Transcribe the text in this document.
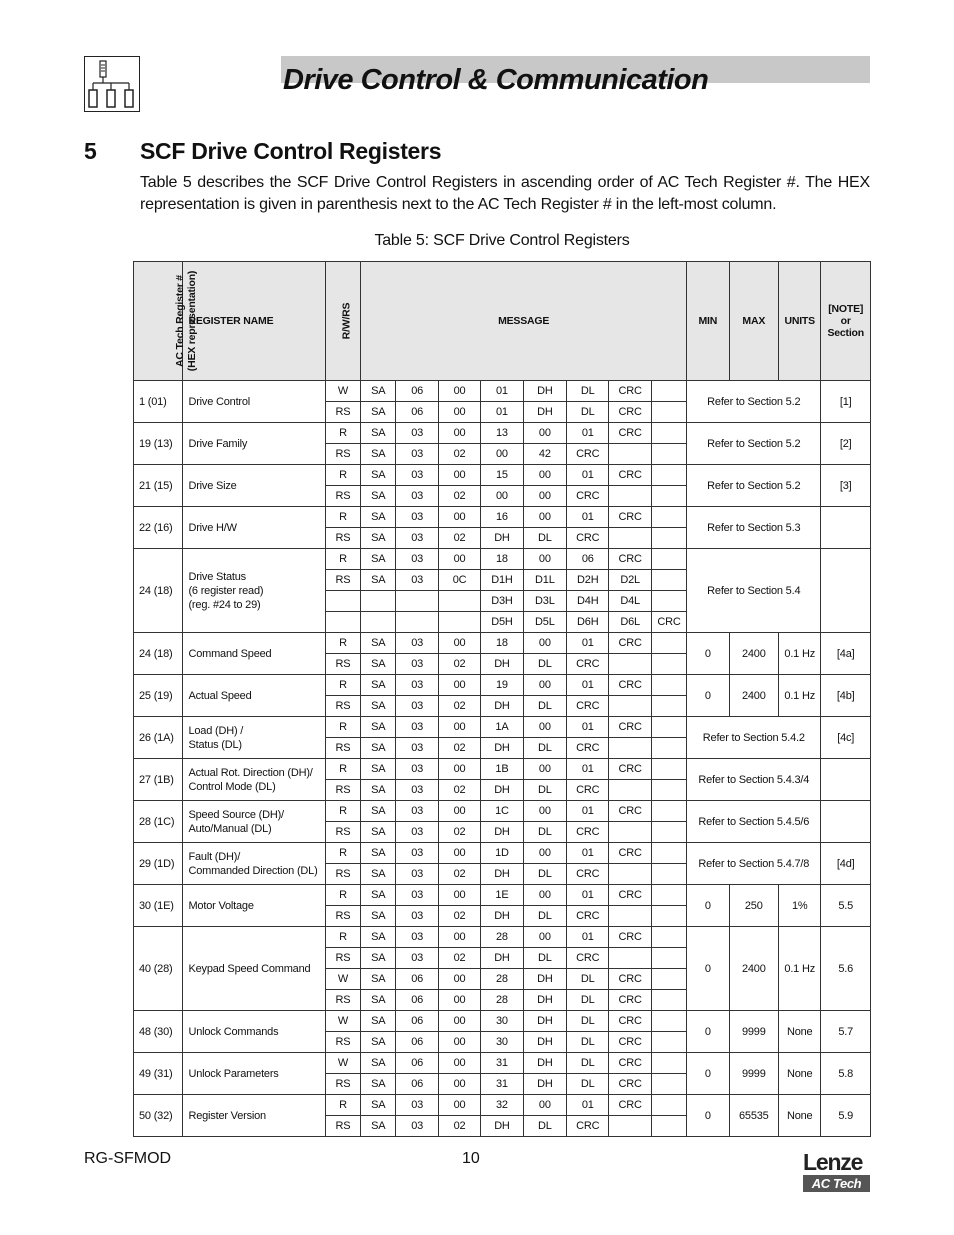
Drive Control & Communication
5 SCF Drive Control Registers
Table 5 describes the SCF Drive Control Registers in ascending order of AC Tech Register #. The HEX representation is given in parenthesis next to the AC Tech Register # in the left-most column.
Table 5: SCF Drive Control Registers
AC Tech Register #
(HEX representation)	REGISTER NAME	R/W/RS	MESSAGE								MIN	MAX	UNITS	[NOTE]
or
Section
1 (01)	Drive Control	W	SA	06	00	01	DH	DL	CRC		Refer to Section 5.2			[1]
		RS	SA	06	00	01	DH	DL	CRC					
19 (13)	Drive Family	R	SA	03	00	13	00	01	CRC		Refer to Section 5.2			[2]
		RS	SA	03	02	00	42	CRC						
21 (15)	Drive Size	R	SA	03	00	15	00	01	CRC		Refer to Section 5.2			[3]
		RS	SA	03	02	00	00	CRC						
22 (16)	Drive H/W	R	SA	03	00	16	00	01	CRC		Refer to Section 5.3			
		RS	SA	03	02	DH	DL	CRC						
24 (18)	Drive Status
(6 register read)
(reg. #24 to 29)	R	SA	03	00	18	00	06	CRC		Refer to Section 5.4			
		RS	SA	03	0C	D1H	D1L	D2H	D2L					
						D3H	D3L	D4H	D4L					
						D5H	D5L	D6H	D6L	CRC				
24 (18)	Command Speed	R	SA	03	00	18	00	01	CRC		0	2400	0.1 Hz	[4a]
		RS	SA	03	02	DH	DL	CRC						
25 (19)	Actual Speed	R	SA	03	00	19	00	01	CRC		0	2400	0.1 Hz	[4b]
		RS	SA	03	02	DH	DL	CRC						
26 (1A)	Load (DH) /
Status (DL)	R	SA	03	00	1A	00	01	CRC		Refer to Section 5.4.2			[4c]
		RS	SA	03	02	DH	DL	CRC						
27 (1B)	Actual Rot. Direction (DH)/
Control Mode (DL)	R	SA	03	00	1B	00	01	CRC		Refer to Section 5.4.3/4			
		RS	SA	03	02	DH	DL	CRC						
28 (1C)	Speed Source (DH)/
Auto/Manual (DL)	R	SA	03	00	1C	00	01	CRC		Refer to Section 5.4.5/6			
		RS	SA	03	02	DH	DL	CRC						
29 (1D)	Fault (DH)/
Commanded Direction (DL)	R	SA	03	00	1D	00	01	CRC		Refer to Section 5.4.7/8			[4d]
		RS	SA	03	02	DH	DL	CRC						
30 (1E)	Motor Voltage	R	SA	03	00	1E	00	01	CRC		0	250	1%	5.5
		RS	SA	03	02	DH	DL	CRC						
40 (28)	Keypad Speed Command	R	SA	03	00	28	00	01	CRC		0	2400	0.1 Hz	5.6
		RS	SA	03	02	DH	DL	CRC						
		W	SA	06	00	28	DH	DL	CRC					
		RS	SA	06	00	28	DH	DL	CRC					
48 (30)	Unlock Commands	W	SA	06	00	30	DH	DL	CRC		0	9999	None	5.7
		RS	SA	06	00	30	DH	DL	CRC					
49 (31)	Unlock Parameters	W	SA	06	00	31	DH	DL	CRC		0	9999	None	5.8
		RS	SA	06	00	31	DH	DL	CRC					
50 (32)	Register Version	R	SA	03	00	32	00	01	CRC		0	65535	None	5.9
		RS	SA	03	02	DH	DL	CRC						
RG-SFMOD	10	Lenze
AC Tech
